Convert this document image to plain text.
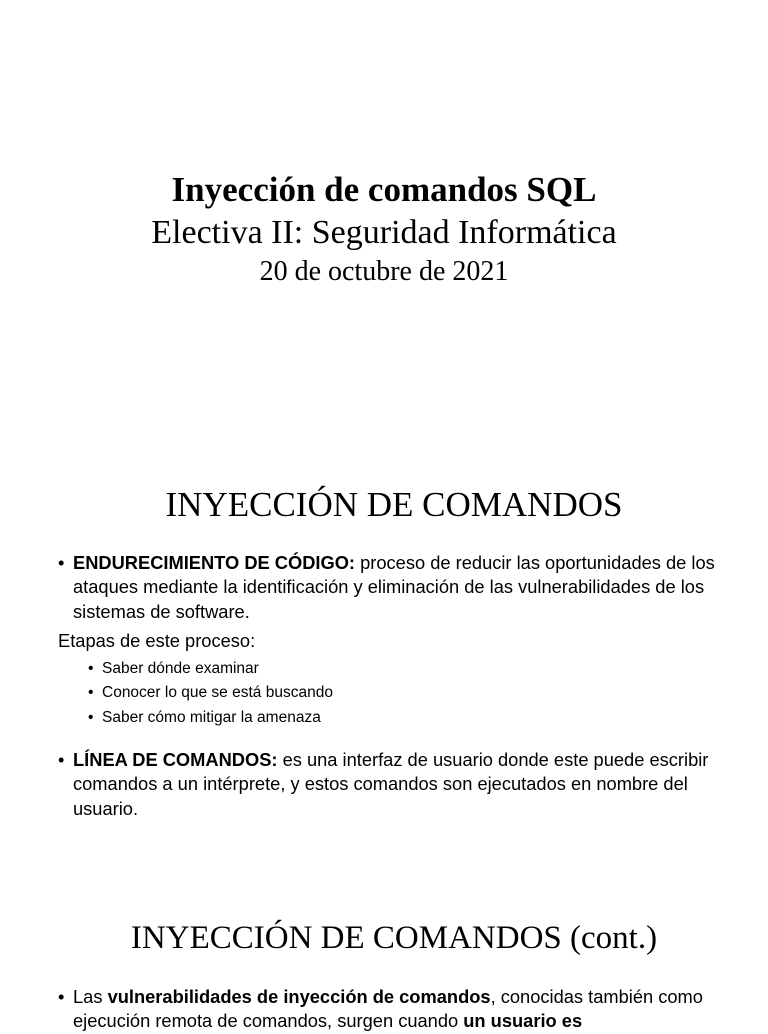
Inyección de comandos SQL
Electiva II: Seguridad Informática
20 de octubre de 2021
INYECCIÓN DE COMANDOS
• ENDURECIMIENTO DE CÓDIGO: proceso de reducir las oportunidades de los ataques mediante la identificación y eliminación de las vulnerabilidades de los sistemas de software.
Etapas de este proceso:
• Saber dónde examinar
• Conocer lo que se está buscando
• Saber cómo mitigar la amenaza
• LÍNEA DE COMANDOS: es una interfaz de usuario donde este puede escribir comandos a un intérprete, y estos comandos son ejecutados en nombre del usuario.
INYECCIÓN DE COMANDOS (cont.)
• Las vulnerabilidades de inyección de comandos, conocidas también como ejecución remota de comandos, surgen cuando un usuario es
